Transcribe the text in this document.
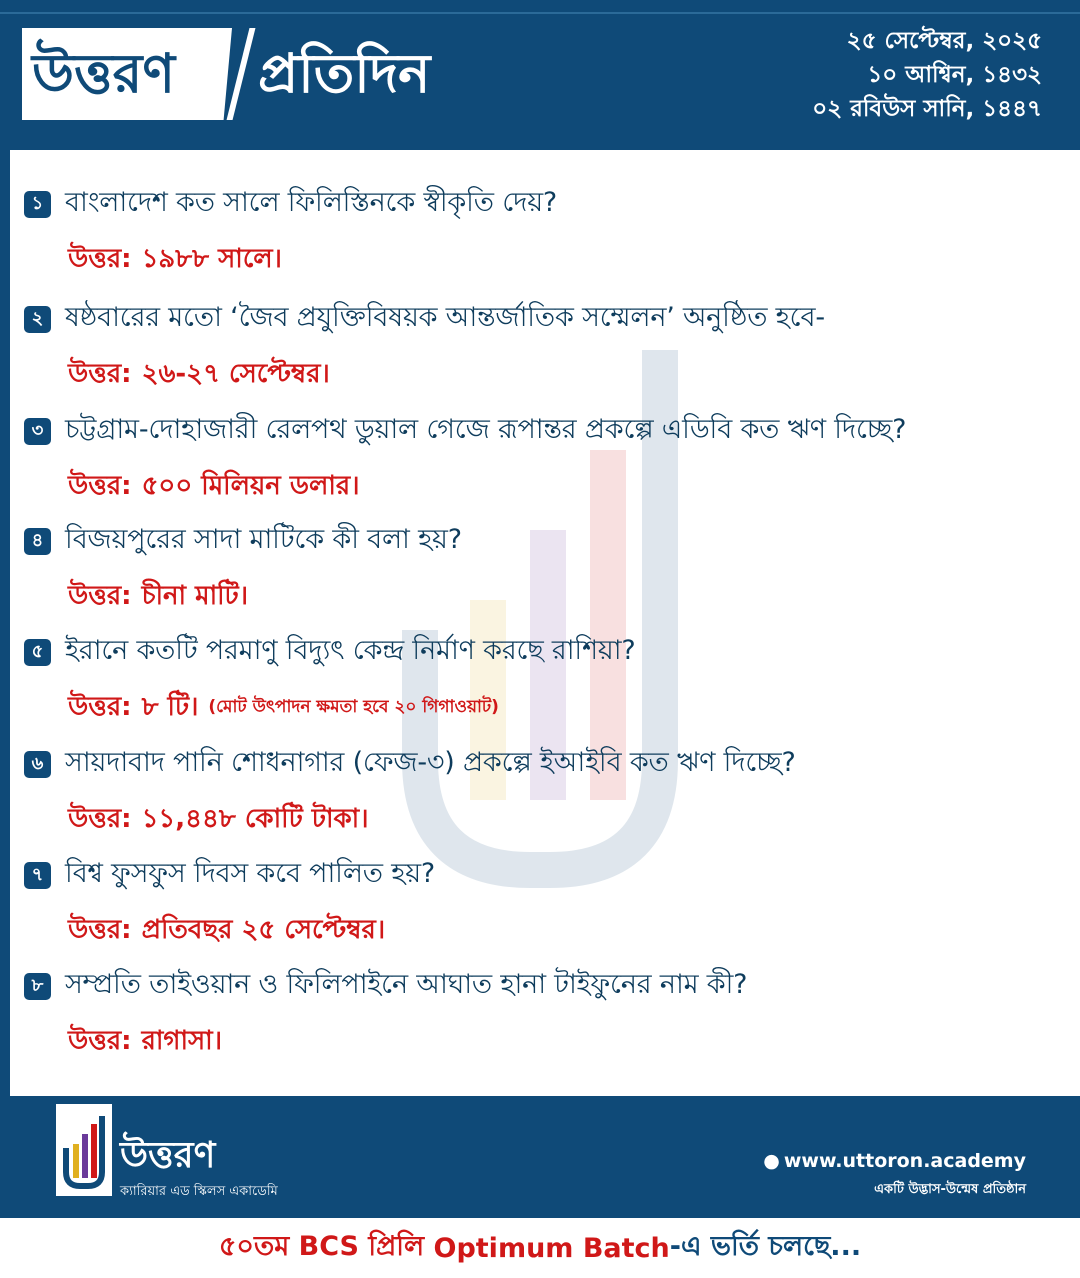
উত্তরণ প্রতিদিন
২৫ সেপ্টেম্বর, ২০২৫
১০ আশ্বিন, ১৪৩২
০২ রবিউস সানি, ১৪৪৭
১ বাংলাদেশ কত সালে ফিলিস্তিনকে স্বীকৃতি দেয়?
উত্তর: ১৯৮৮ সালে।
২ ষষ্ঠবারের মতো ‘জৈব প্রযুক্তিবিষয়ক আন্তর্জাতিক সম্মেলন’ অনুষ্ঠিত হবে-
উত্তর: ২৬-২৭ সেপ্টেম্বর।
৩ চট্টগ্রাম-দোহাজারী রেলপথ ডুয়াল গেজে রূপান্তর প্রকল্পে এডিবি কত ঋণ দিচ্ছে?
উত্তর: ৫০০ মিলিয়ন ডলার।
৪ বিজয়পুরের সাদা মাটিকে কী বলা হয়?
উত্তর: চীনা মাটি।
৫ ইরানে কতটি পরমাণু বিদ্যুৎ কেন্দ্র নির্মাণ করছে রাশিয়া?
উত্তর: ৮ টি। (মোট উৎপাদন ক্ষমতা হবে ২০ গিগাওয়াট)
৬ সায়দাবাদ পানি শোধনাগার (ফেজ-৩) প্রকল্পে ইআইবি কত ঋণ দিচ্ছে?
উত্তর: ১১,৪৪৮ কোটি টাকা।
৭ বিশ্ব ফুসফুস দিবস কবে পালিত হয়?
উত্তর: প্রতিবছর ২৫ সেপ্টেম্বর।
৮ সম্প্রতি তাইওয়ান ও ফিলিপাইনে আঘাত হানা টাইফুনের নাম কী?
উত্তর: রাগাসা।
উত্তরণ
ক্যারিয়ার এড স্কিলস একাডেমি
● www.uttoron.academy
একটি উদ্ভাস-উন্মেষ প্রতিষ্ঠান
৫০তম BCS প্রিলি
Optimum Batch -এ ভর্তি চলছে...
